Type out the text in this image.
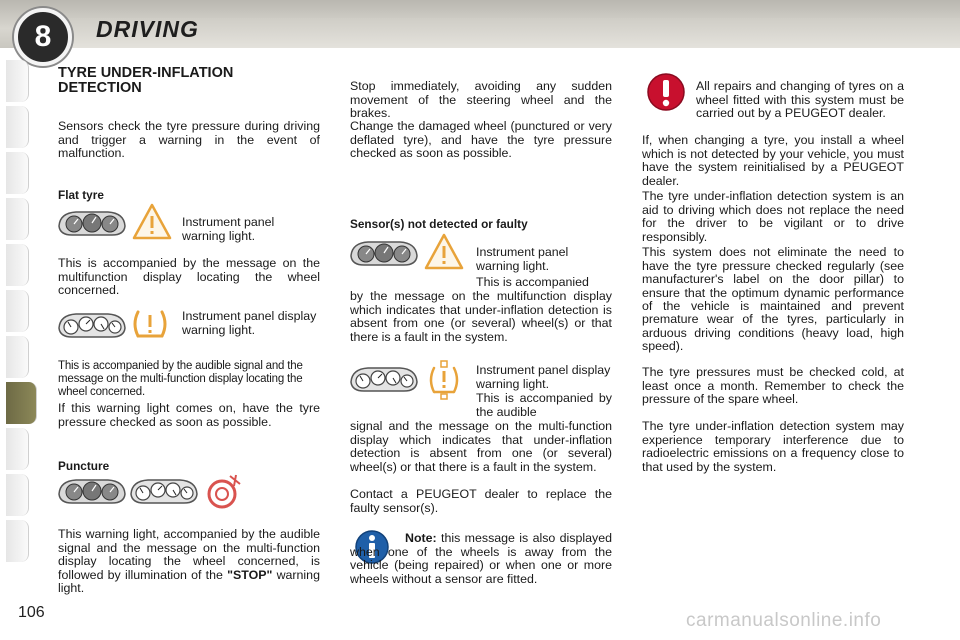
8	DRIVING

TYRE UNDER-INFLATION DETECTION

Sensors check the tyre pressure during driving and trigger a warning in the event of malfunction.

Flat tyre

Instrument panel warning light.

This is accompanied by the message on the multifunction display locating the wheel concerned.

Instrument panel display warning light.

This is accompanied by the audible signal and the message on the multi-function display locating the wheel concerned.

If this warning light comes on, have the tyre pressure checked as soon as possible.

Puncture

This warning light, accompanied by the audible signal and the message on the multi-function display locating the wheel concerned, is followed by illumination of the "STOP" warning light.

Stop immediately, avoiding any sudden movement of the steering wheel and the brakes.

Change the damaged wheel (punctured or very deflated tyre), and have the tyre pressure checked as soon as possible.

Sensor(s) not detected or faulty

Instrument panel warning light.

This is accompanied

by the message on the multifunction display which indicates that under-inflation detection is absent from one (or several) wheel(s) or that there is a fault in the system.

Instrument panel display warning light.

This is accompanied by the audible

signal and the message on the multi-function display which indicates that under-inflation detection is absent from one (or several) wheel(s) or that there is a fault in the system.

Contact a PEUGEOT dealer to replace the faulty sensor(s).

Note: this message is also displayed when one of the wheels is away from the vehicle (being repaired) or when one or more wheels without a sensor are fitted.

All repairs and changing of tyres on a wheel fitted with this system must be carried out by a PEUGEOT dealer.

If, when changing a tyre, you install a wheel which is not detected by your vehicle, you must have the system reinitialised by a PEUGEOT dealer.

The tyre under-inflation detection system is an aid to driving which does not replace the need for the driver to be vigilant or to drive responsibly.

This system does not eliminate the need to have the tyre pressure checked regularly (see manufacturer's label on the door pillar) to ensure that the optimum dynamic performance of the vehicle is maintained and prevent premature wear of the tyres, particularly in arduous driving conditions (heavy load, high speed).

The tyre pressures must be checked cold, at least once a month. Remember to check the pressure of the spare wheel.

The tyre under-inflation detection system may experience temporary interference due to radioelectric emissions on a frequency close to that used by the system.

106	carmanualsonline.info
